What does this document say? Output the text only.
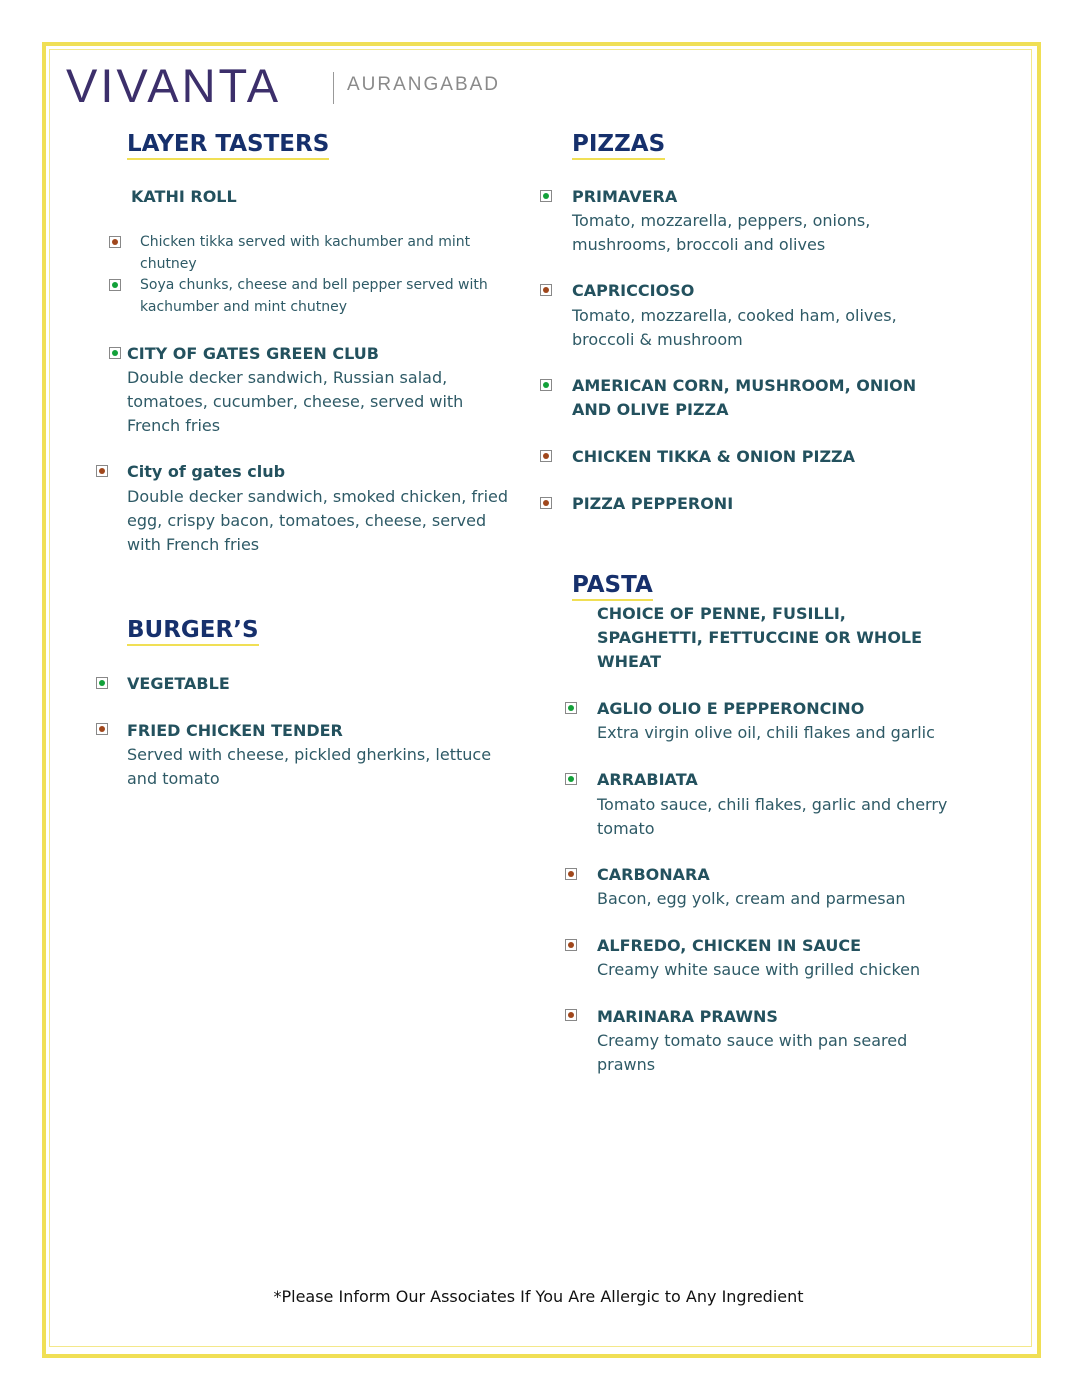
VIVANTA	AURANGABAD
LAYER TASTERS
KATHI ROLL
Chicken tikka served with kachumber and mint chutney
Soya chunks, cheese and bell pepper served with kachumber and mint chutney
CITY OF GATES GREEN CLUB
Double decker sandwich, Russian salad, tomatoes, cucumber, cheese, served with French fries
City of gates club
Double decker sandwich, smoked chicken, fried egg, crispy bacon, tomatoes, cheese, served with French fries
BURGER’S
VEGETABLE
FRIED CHICKEN TENDER
Served with cheese, pickled gherkins, lettuce and tomato
PIZZAS
PRIMAVERA
Tomato, mozzarella, peppers, onions, mushrooms, broccoli and olives
CAPRICCIOSO
Tomato, mozzarella, cooked ham, olives, broccoli & mushroom
AMERICAN CORN, MUSHROOM, ONION AND OLIVE PIZZA
CHICKEN TIKKA & ONION PIZZA
PIZZA PEPPERONI
PASTA
CHOICE OF PENNE, FUSILLI, SPAGHETTI, FETTUCCINE OR WHOLE WHEAT
AGLIO OLIO E PEPPERONCINO
Extra virgin olive oil, chili flakes and garlic
ARRABIATA
Tomato sauce, chili flakes, garlic and cherry tomato
CARBONARA
Bacon, egg yolk, cream and parmesan
ALFREDO, CHICKEN IN SAUCE
Creamy white sauce with grilled chicken
MARINARA PRAWNS
Creamy tomato sauce with pan seared prawns
*Please Inform Our Associates If You Are Allergic to Any Ingredient
